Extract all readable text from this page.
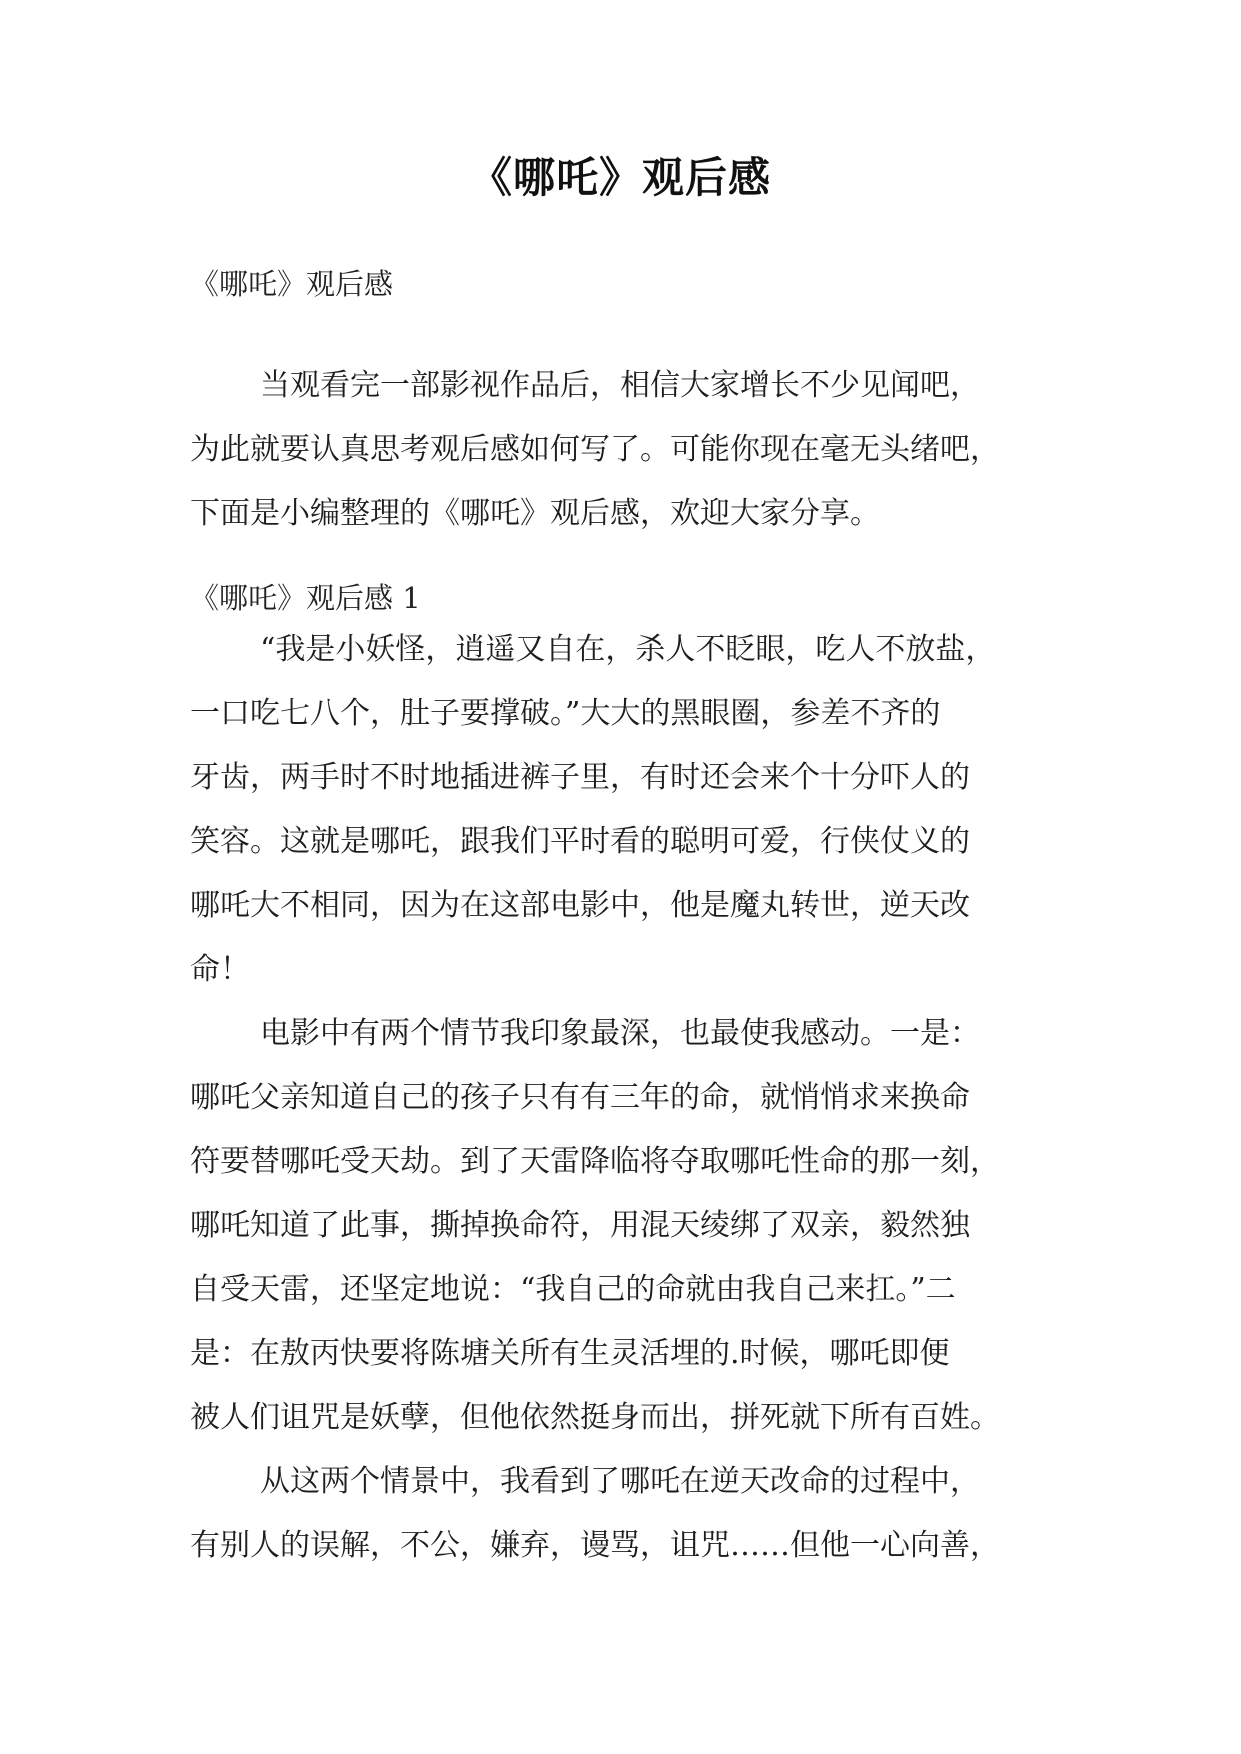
《哪吒》观后感
《哪吒》观后感
当观看完一部影视作品后，相信大家增长不少见闻吧，
为此就要认真思考观后感如何写了。可能你现在毫无头绪吧，
下面是小编整理的《哪吒》观后感，欢迎大家分享。
《哪吒》观后感 1
“我是小妖怪，逍遥又自在，杀人不眨眼，吃人不放盐，
一口吃七八个，肚子要撑破。”大大的黑眼圈，参差不齐的
牙齿，两手时不时地插进裤子里，有时还会来个十分吓人的
笑容。这就是哪吒，跟我们平时看的聪明可爱，行侠仗义的
哪吒大不相同，因为在这部电影中，他是魔丸转世，逆天改
命！
电影中有两个情节我印象最深，也最使我感动。一是：
哪吒父亲知道自己的孩子只有有三年的命，就悄悄求来换命
符要替哪吒受天劫。到了天雷降临将夺取哪吒性命的那一刻，
哪吒知道了此事，撕掉换命符，用混天绫绑了双亲，毅然独
自受天雷，还坚定地说：“我自己的命就由我自己来扛。”二
是：在敖丙快要将陈塘关所有生灵活埋的.时候，哪吒即便
被人们诅咒是妖孽，但他依然挺身而出，拼死就下所有百姓。
从这两个情景中，我看到了哪吒在逆天改命的过程中，
有别人的误解，不公，嫌弃，谩骂，诅咒……但他一心向善，
